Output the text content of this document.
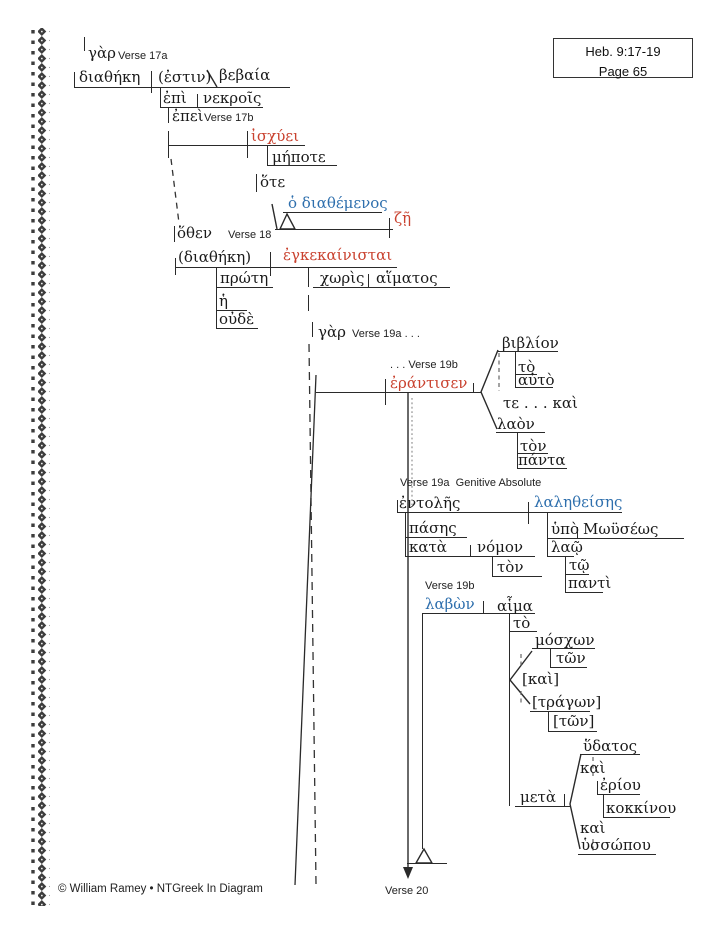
γὰρ
διαθήκη (ἐστιν) βεβαία
ἐπὶ νεκροῖς
ἐπεὶ
ἰσχύει
μήποτε
ὅτε
ὁ διαθέμενος
ζῇ
ὅθεν
(διαθήκη) ἐγκεκαίνισται
πρώτη
ἡ
οὐδὲ
χωρὶς αἵματος
γὰρ
ἐράντισεν
τε . . . καὶ
βιβλίον
τὸ
αὐτὸ
λαὸν
τὸν
πάντα
ἐντολῆς	λαληθείσης
πάσης
κατὰ νόμον
τὸν
ὑπὸ Μωϋσέως
λαῷ
τῷ
παντὶ
λαβὼν αἷμα
τὸ
μόσχων
τῶν
[καὶ]
[τράγων]
[τῶν]
μετὰ
ὕδατος
καὶ
ἐρίου
κοκκίνου
καὶ
ὑσσώπου
Verse 17a
Verse 17b
Verse 18
Verse 19a . . .
. . . Verse 19b
Verse 19a  Genitive Absolute
Verse 19b
Verse 20
Heb. 9:17-19
Page 65
© William Ramey • NTGreek In Diagram
